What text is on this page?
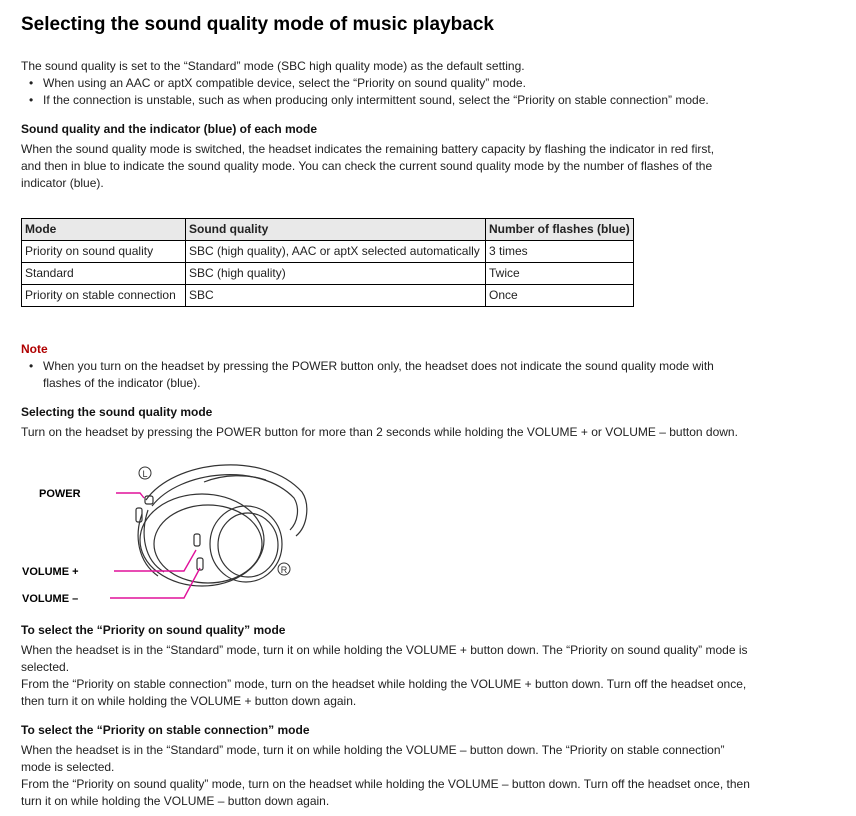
Selecting the sound quality mode of music playback

The sound quality is set to the “Standard” mode (SBC high quality mode) as the default setting.

• When using an AAC or aptX compatible device, select the “Priority on sound quality” mode.
• If the connection is unstable, such as when producing only intermittent sound, select the “Priority on stable connection” mode.
Sound quality and the indicator (blue) of each mode

When the sound quality mode is switched, the headset indicates the remaining battery capacity by flashing the indicator in red first, and then in blue to indicate the sound quality mode. You can check the current sound quality mode by the number of flashes of the indicator (blue).

Mode	Sound quality	Number of flashes (blue)
Priority on sound quality	SBC (high quality), AAC or aptX selected automatically	3 times
Standard	SBC (high quality)	Twice
Priority on stable connection	SBC	Once
Note
• When you turn on the headset by pressing the POWER button only, the headset does not indicate the sound quality mode with flashes of the indicator (blue).
Selecting the sound quality mode

Turn on the headset by pressing the POWER button for more than 2 seconds while holding the VOLUME + or VOLUME – button down.

To select the “Priority on sound quality” mode

When the headset is in the “Standard” mode, turn it on while holding the VOLUME + button down. The “Priority on sound quality” mode is selected.

From the “Priority on stable connection” mode, turn on the headset while holding the VOLUME + button down. Turn off the headset once, then turn it on while holding the VOLUME + button down again.

To select the “Priority on stable connection” mode

When the headset is in the “Standard” mode, turn it on while holding the VOLUME – button down. The “Priority on stable connection” mode is selected.

From the “Priority on sound quality” mode, turn on the headset while holding the VOLUME – button down. Turn off the headset once, then turn it on while holding the VOLUME – button down again.

L
R
POWER
VOLUME +
VOLUME –
